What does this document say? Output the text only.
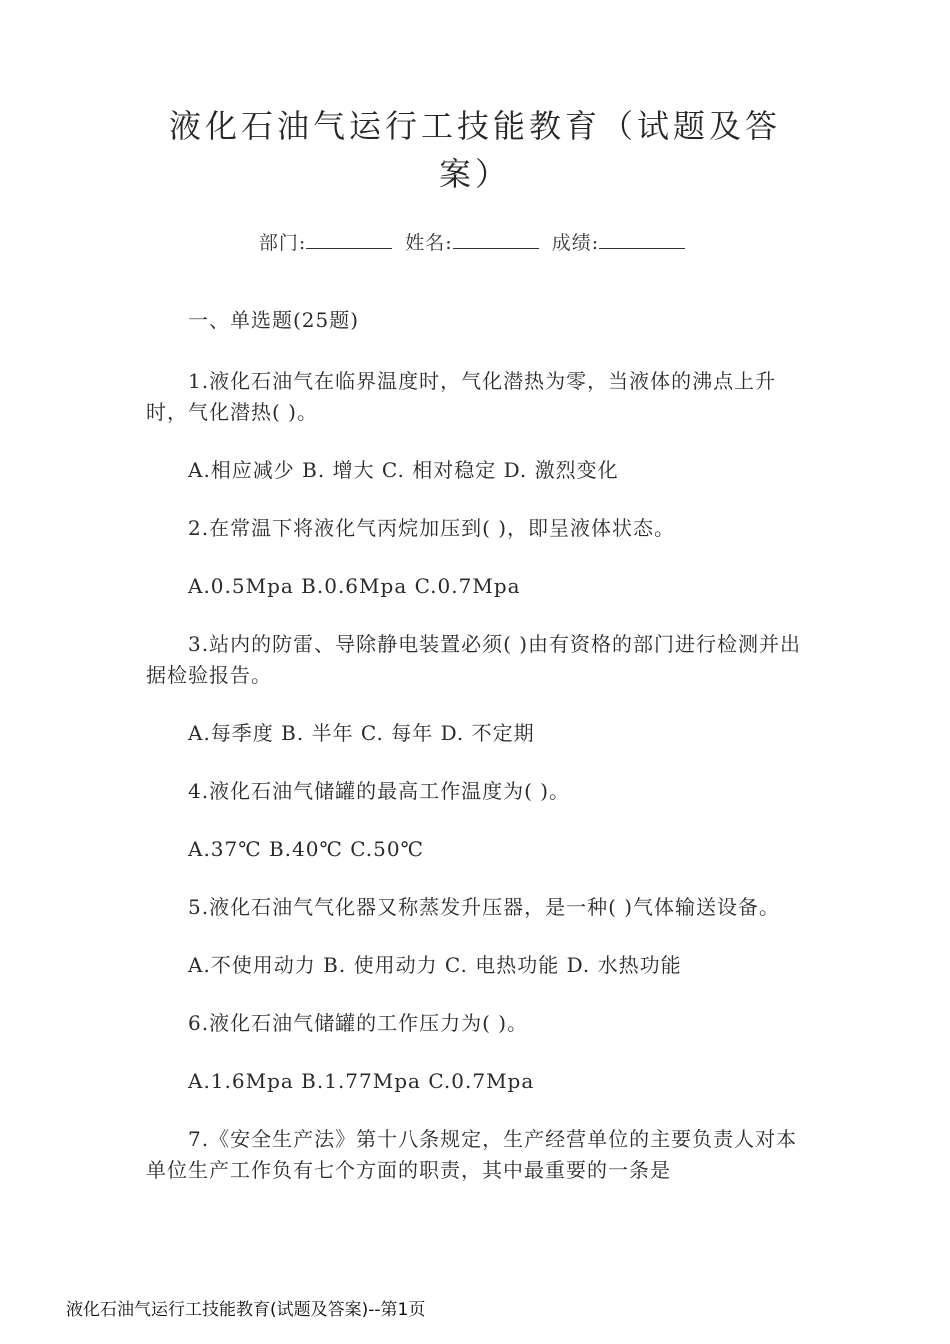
液化石油气运行工技能教育（试题及答
案）
部门:	姓名:	成绩:

一、单选题(25题)

1.液化石油气在临界温度时，气化潜热为零，当液体的沸点上升时，气化潜热( )。

A.相应减少 B. 增大 C. 相对稳定 D. 激烈变化

2.在常温下将液化气丙烷加压到( )，即呈液体状态。

A.0.5Mpa B.0.6Mpa C.0.7Mpa

3.站内的防雷、导除静电装置必须( )由有资格的部门进行检测并出据检验报告。

A.每季度 B. 半年 C. 每年 D. 不定期

4.液化石油气储罐的最高工作温度为( )。

A.37℃ B.40℃ C.50℃

5.液化石油气气化器又称蒸发升压器，是一种( )气体输送设备。

A.不使用动力 B. 使用动力 C. 电热功能 D. 水热功能

6.液化石油气储罐的工作压力为( )。

A.1.6Mpa B.1.77Mpa C.0.7Mpa

7.《安全生产法》第十八条规定，生产经营单位的主要负责人对本单位生产工作负有七个方面的职责，其中最重要的一条是

液化石油气运行工技能教育(试题及答案)--第1页
